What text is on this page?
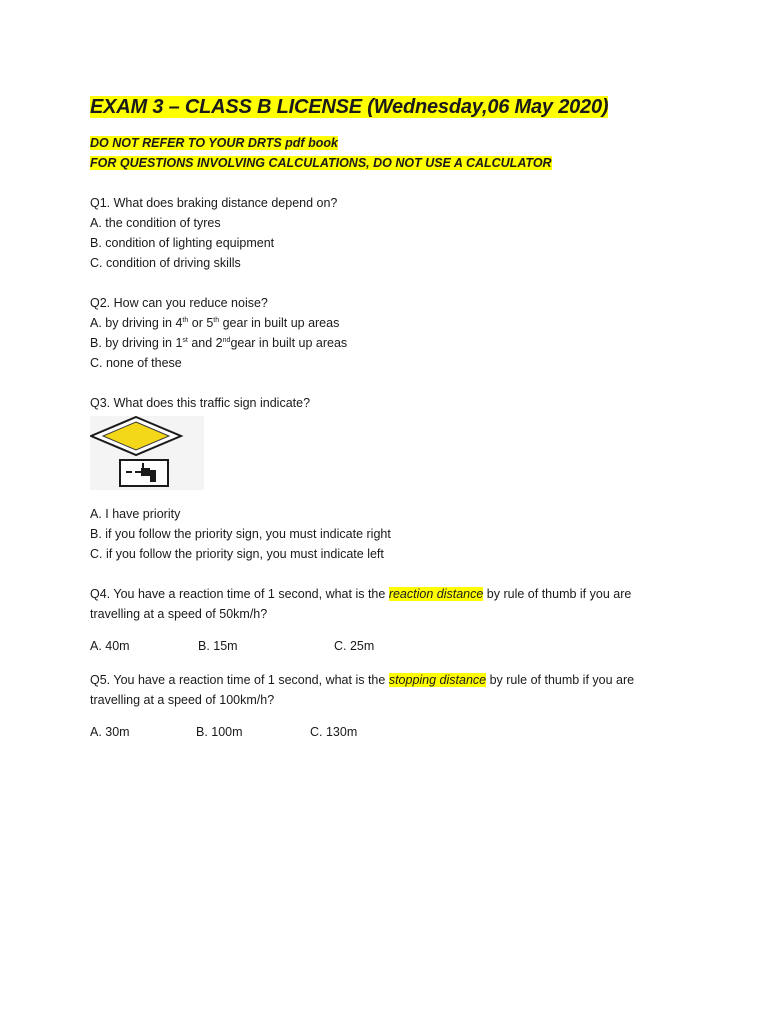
EXAM 3 – CLASS B LICENSE (Wednesday,06 May 2020)
DO NOT REFER TO YOUR DRTS pdf book
FOR QUESTIONS INVOLVING CALCULATIONS, DO NOT USE A CALCULATOR
Q1. What does braking distance depend on?
A. the condition of tyres
B. condition of lighting equipment
C. condition of driving skills
Q2. How can you reduce noise?
A. by driving in 4th or 5th gear in built up areas
B. by driving in 1st and 2ndgear in built up areas
C. none of these
Q3. What does this traffic sign indicate?
A. I have priority
B. if you follow the priority sign, you must indicate right
C. if you follow the priority sign, you must indicate left
Q4. You have a reaction time of 1 second, what is the reaction distance by rule of thumb if you are
travelling at a speed of 50km/h?
A. 40m	B. 15m	C. 25m
Q5. You have a reaction time of 1 second, what is the stopping distance by rule of thumb if you are
travelling at a speed of 100km/h?
A. 30m	B. 100m	C. 130m
